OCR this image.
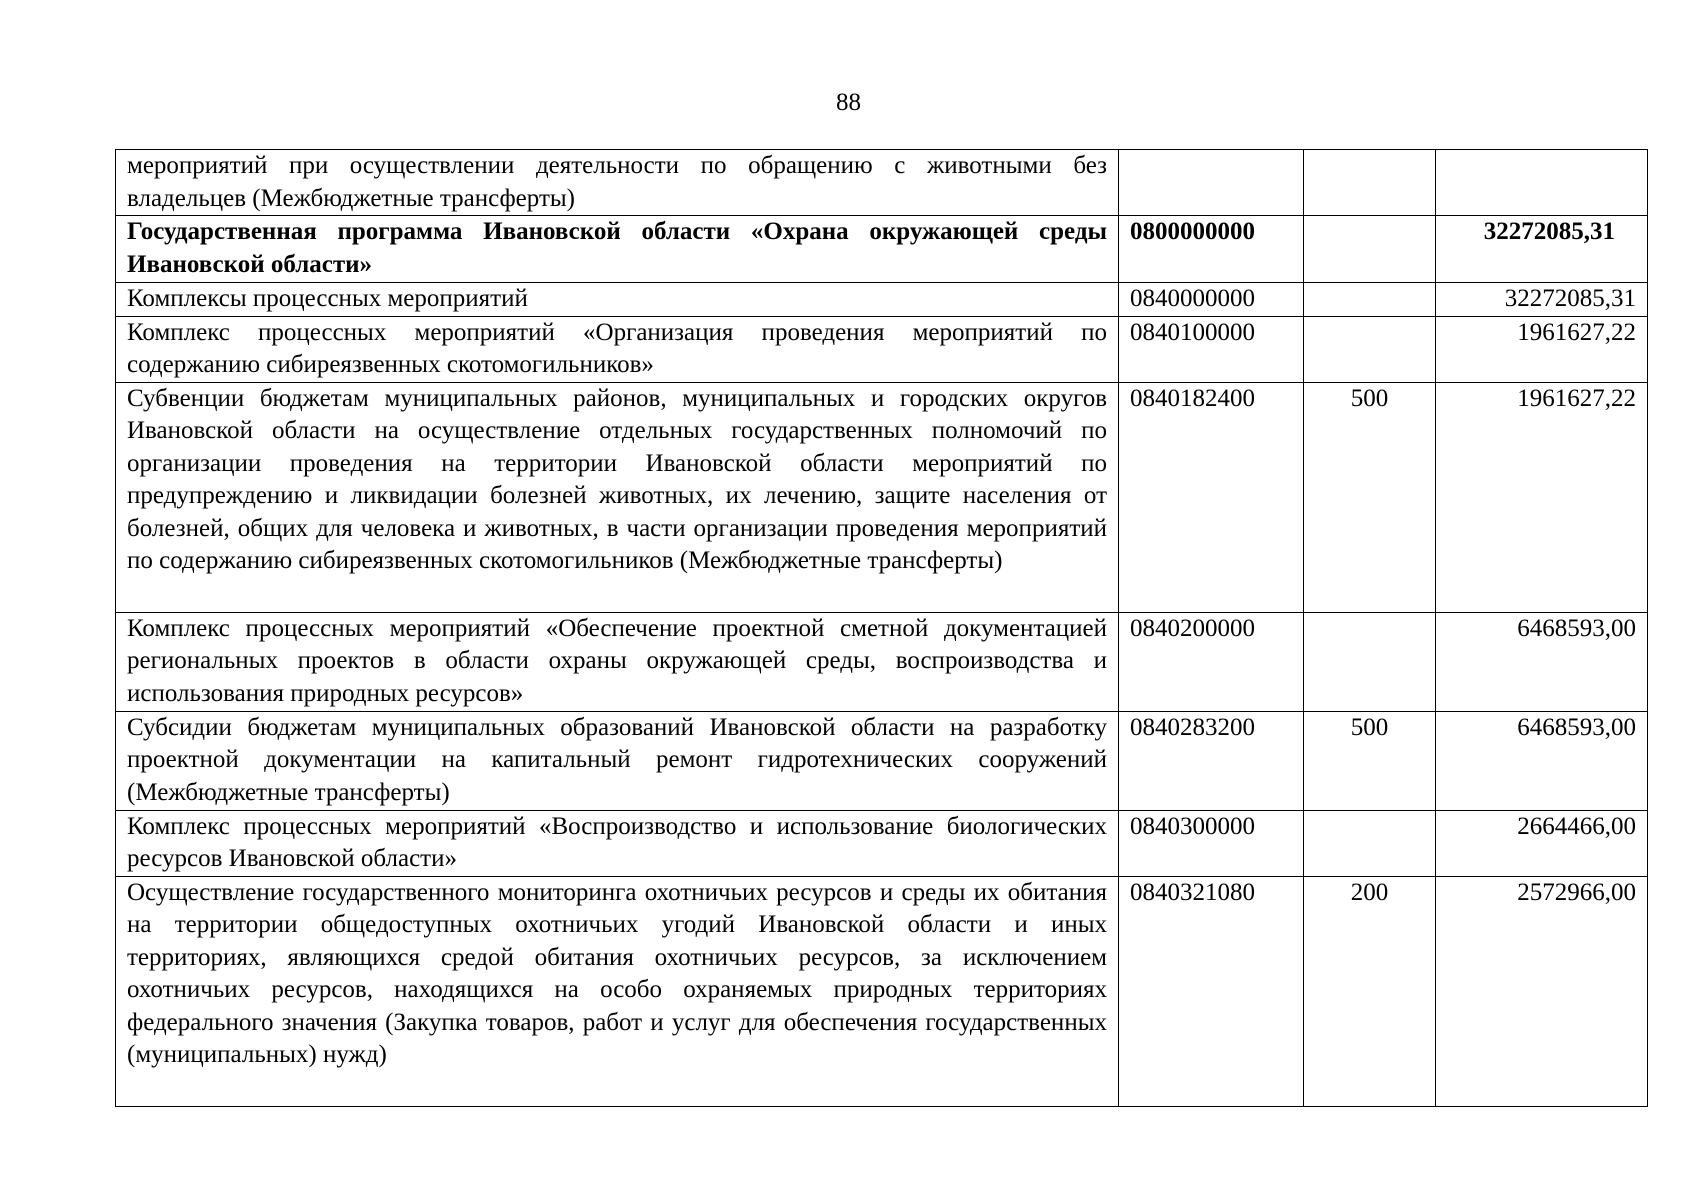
88
мероприятий при осуществлении деятельности по обращению с животными без владельцев (Межбюджетные трансферты)			
Государственная программа Ивановской области «Охрана окружающей среды Ивановской области»	0800000000		32272085,31
Комплексы процессных мероприятий	0840000000		32272085,31
Комплекс процессных мероприятий «Организация проведения мероприятий по содержанию сибиреязвенных скотомогильников»	0840100000		1961627,22
Субвенции бюджетам муниципальных районов, муниципальных и городских округов Ивановской области на осуществление отдельных государственных полномочий по организации проведения на территории Ивановской области мероприятий по предупреждению и ликвидации болезней животных, их лечению, защите населения от болезней, общих для человека и животных, в части организации проведения мероприятий по содержанию сибиреязвенных скотомогильников (Межбюджетные трансферты)	0840182400	500	1961627,22
Комплекс процессных мероприятий «Обеспечение проектной сметной документацией региональных проектов в области охраны окружающей среды, воспроизводства и использования природных ресурсов»	0840200000		6468593,00
Субсидии бюджетам муниципальных образований Ивановской области на разработку проектной документации на капитальный ремонт гидротехнических сооружений (Межбюджетные трансферты)	0840283200	500	6468593,00
Комплекс процессных мероприятий «Воспроизводство и использование биологических ресурсов Ивановской области»	0840300000		2664466,00
Осуществление государственного мониторинга охотничьих ресурсов и среды их обитания на территории общедоступных охотничьих угодий Ивановской области и иных территориях, являющихся средой обитания охотничьих ресурсов, за исключением охотничьих ресурсов, находящихся на особо охраняемых природных территориях федерального значения (Закупка товаров, работ и услуг для обеспечения государственных (муниципальных) нужд)	0840321080	200	2572966,00
